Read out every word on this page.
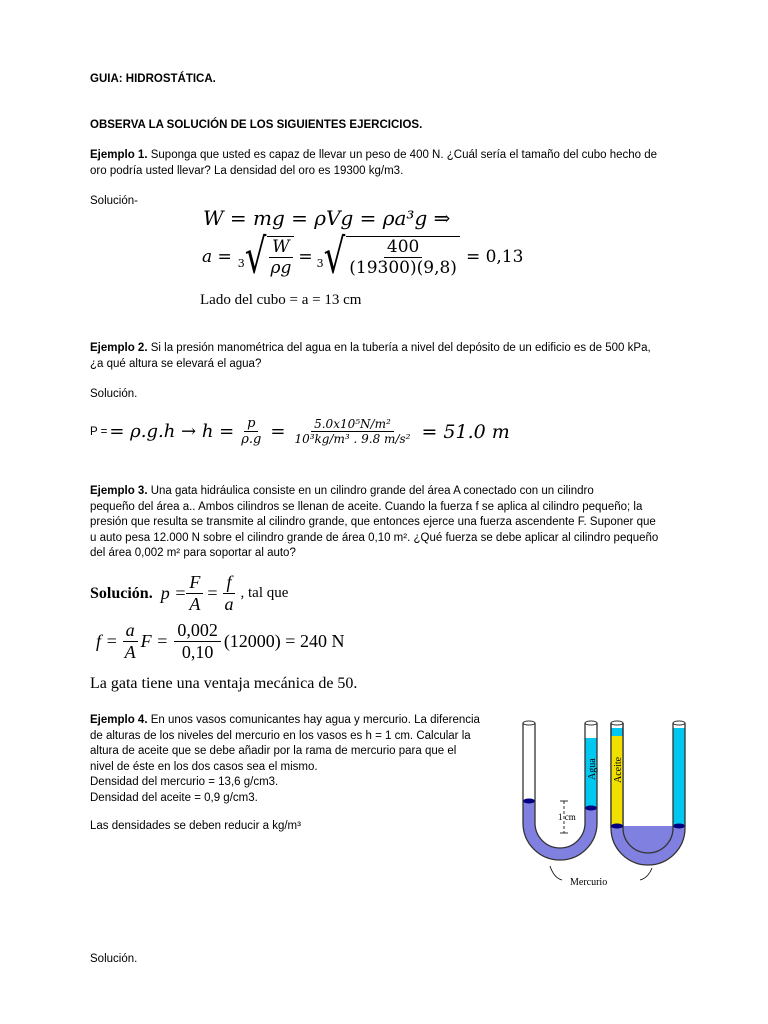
GUIA: HIDROSTÁTICA.
OBSERVA LA SOLUCIÓN DE LOS SIGUIENTES EJERCICIOS.
Ejemplo 1. Suponga que usted es capaz de llevar un peso de 400 N. ¿Cuál sería el tamaño del cubo hecho de
oro podría usted llevar? La densidad del oro es 19300 kg/m3.
Solución-
W = mg = ρVg = ρa³g ⇒
a = 3 √ $\frac{W}{\rho g} = 3$ √ $\frac{400}{(19300)(9,8)} = 0,13$
Lado del cubo = a = 13 cm
Ejemplo 2. Si la presión manométrica del agua en la tubería a nivel del depósito de un edificio es de 500 kPa,
¿a qué altura se elevará el agua?
Solución.
P = = $\rho.g.h \to h = \frac{p}{\rho.g} = \frac{\text{5.0x10⁵N/m²}}{\text{10³kg/m³ . 9.8 m/s²}} = 51.0$ m
Ejemplo 3. Una gata hidráulica consiste en un cilindro grande del área A conectado con un cilindro
pequeño del área a.. Ambos cilindros se llenan de aceite. Cuando la fuerza f se aplica al cilindro pequeño; la
presión que resulta se transmite al cilindro grande, que entonces ejerce una fuerza ascendente F. Suponer que
u auto pesa 12.000 N sobre el cilindro grande de área 0,10 m². ¿Qué fuerza se debe aplicar al cilindro pequeño
del área 0,002 m² para soportar al auto?
Solución. $p = \frac{F}{A} = \frac{f}{a}$ , tal que
$f = \frac{a}{A}$ $F = \frac{0,002}{0,10} (12000) = 240$ N
La gata tiene una ventaja mecánica de 50.
Ejemplo 4. En unos vasos comunicantes hay agua y mercurio. La diferencia
de alturas de los niveles del mercurio en los vasos es h = 1 cm. Calcular la
altura de aceite que se debe añadir por la rama de mercurio para que el
nivel de éste en los dos casos sea el mismo.
Densidad del mercurio = 13,6 g/cm3.
Densidad del aceite = 0,9 g/cm3.
Las densidades se deben reducir a kg/m³
Agua
1 cm
Aceite
Mercurio
Solución.
